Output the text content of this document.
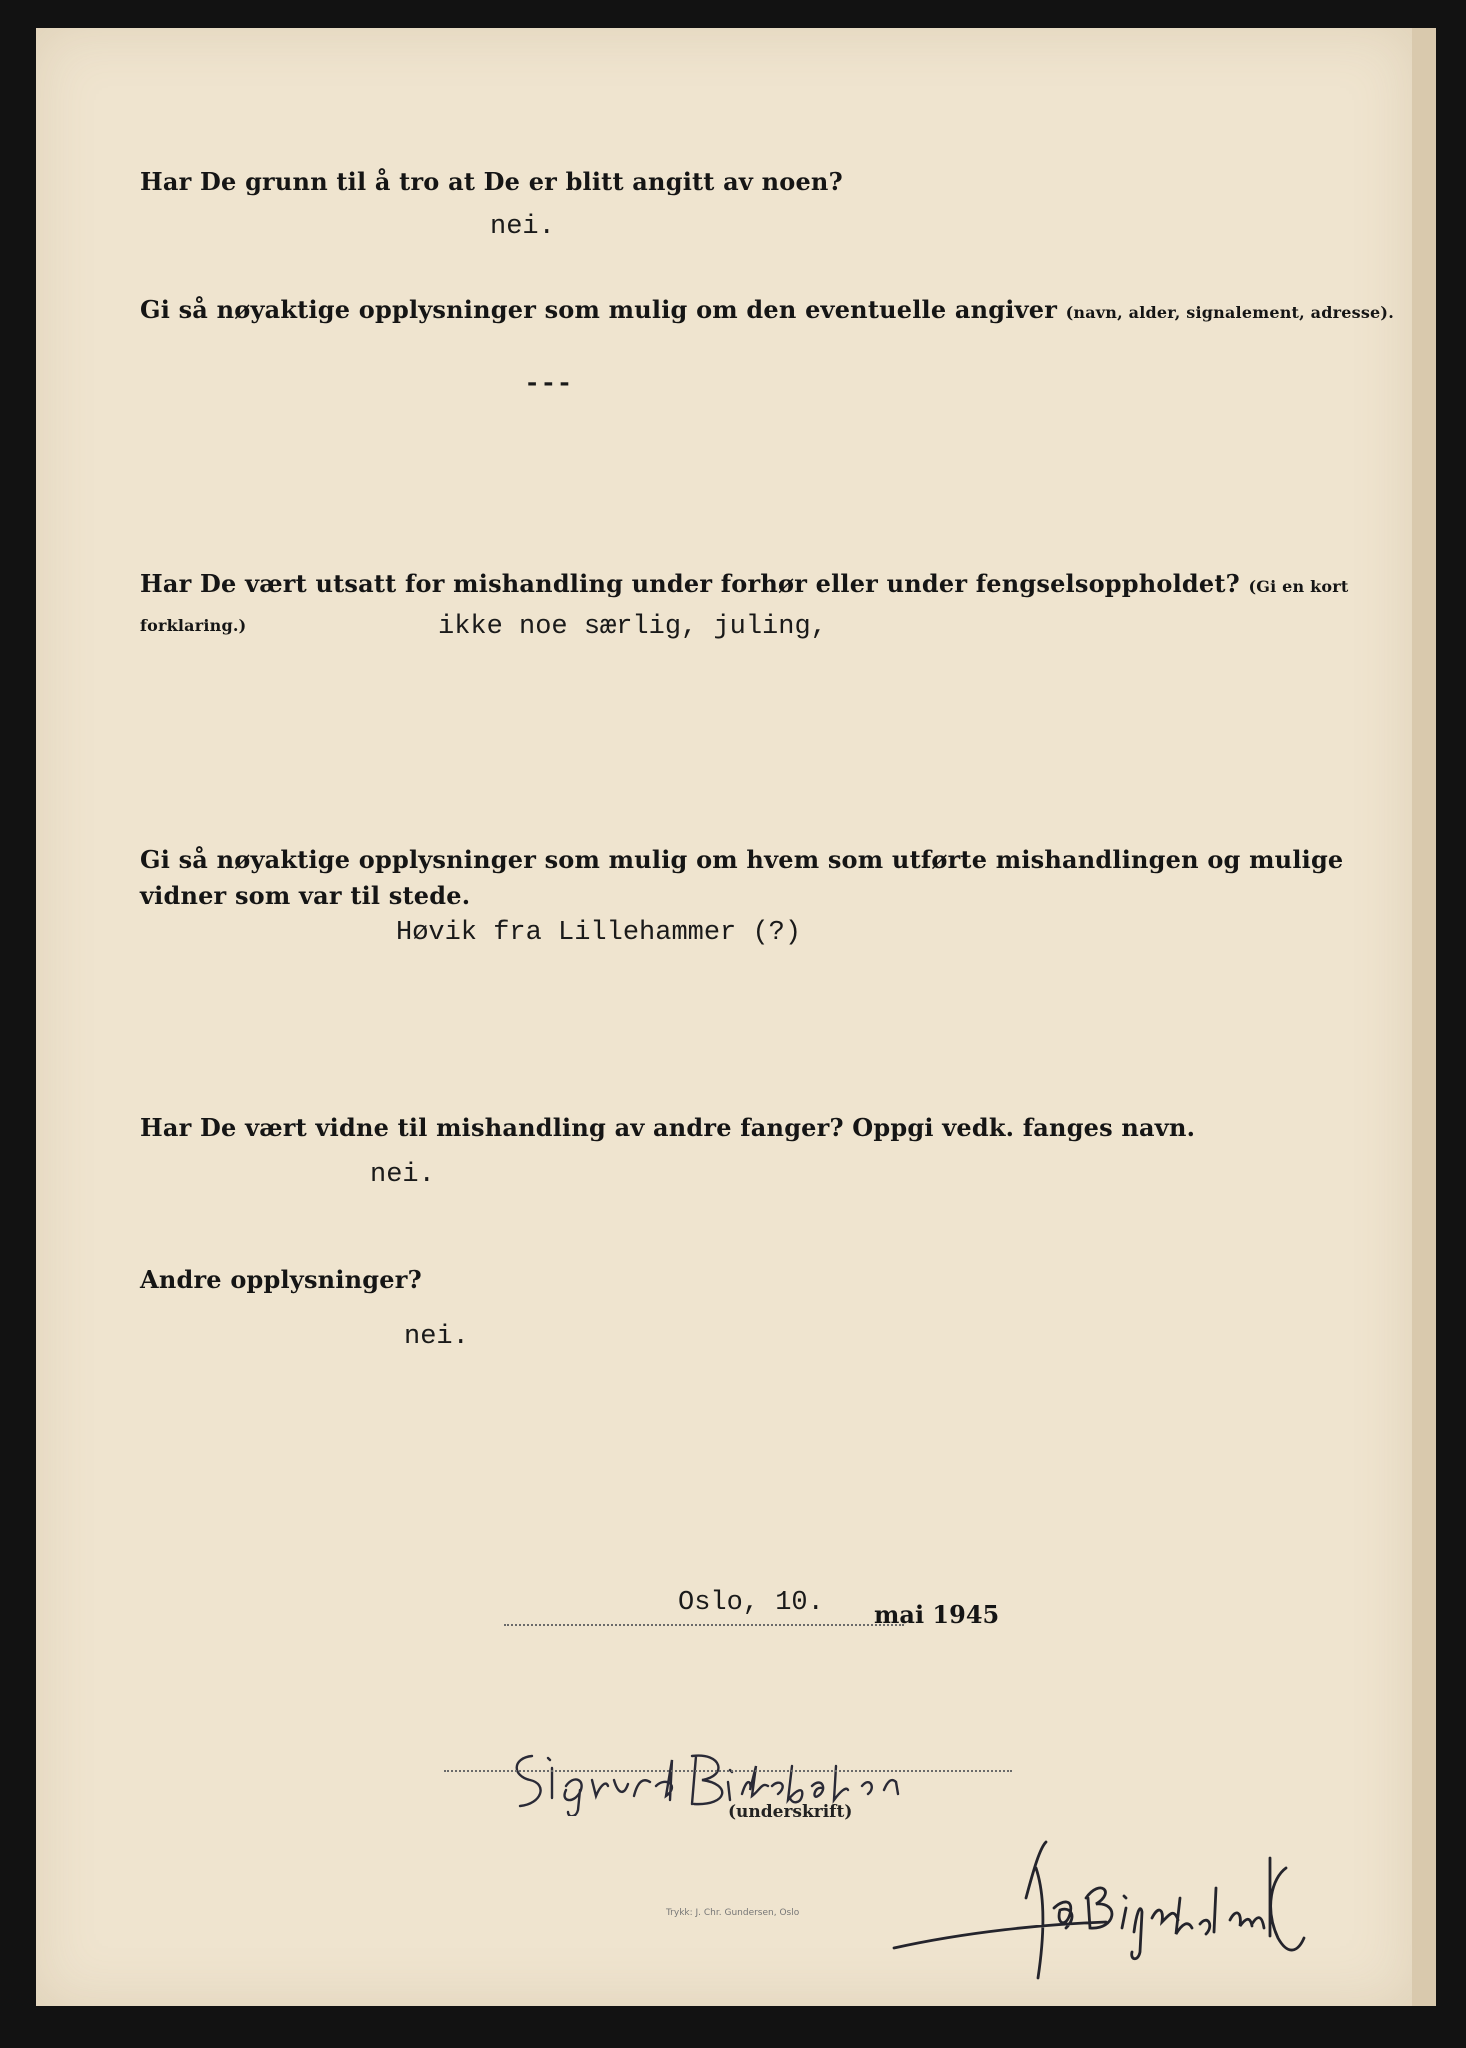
Har De grunn til å tro at De er blitt angitt av noen?

nei.

Gi så nøyaktige opplysninger som mulig om den eventuelle angiver (navn, alder, signalement, adresse).

---

Har De vært utsatt for mishandling under forhør eller under fengselsoppholdet? (Gi en kort forklaring.)	ikke noe særlig, juling,

Gi så nøyaktige opplysninger som mulig om hvem som utførte mishandlingen og mulige vidner som var til stede.

Høvik fra Lillehammer (?)

Har De vært vidne til mishandling av andre fanger? Oppgi vedk. fanges navn.

nei.

Andre opplysninger?

nei.

Oslo, 10. mai 1945
(underskrift)
Trykk: J. Chr. Gundersen, Oslo
